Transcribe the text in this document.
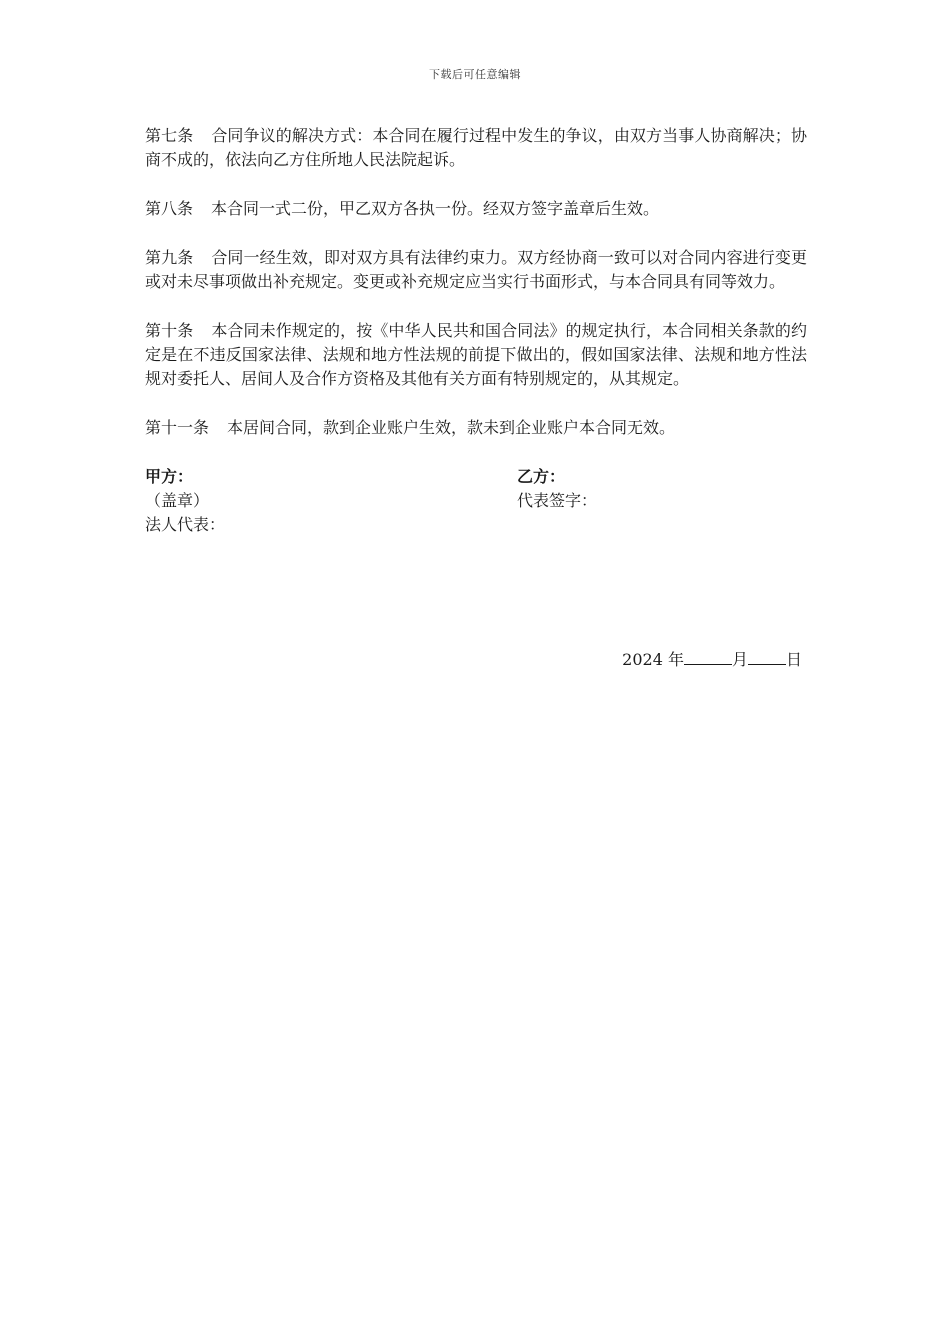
下载后可任意编辑

第七条 合同争议的解决方式：本合同在履行过程中发生的争议，由双方当事人协商解决；协商不成的，依法向乙方住所地人民法院起诉。

第八条 本合同一式二份，甲乙双方各执一份。经双方签字盖章后生效。

第九条 合同一经生效，即对双方具有法律约束力。双方经协商一致可以对合同内容进行变更或对未尽事项做出补充规定。变更或补充规定应当实行书面形式，与本合同具有同等效力。

第十条 本合同未作规定的，按《中华人民共和国合同法》的规定执行，本合同相关条款的约定是在不违反国家法律、法规和地方性法规的前提下做出的，假如国家法律、法规和地方性法规对委托人、居间人及合作方资格及其他有关方面有特别规定的，从其规定。

第十一条 本居间合同，款到企业账户生效，款未到企业账户本合同无效。

甲方：
（盖章）
法人代表：
乙方：
代表签字：
2024 年	月 日
